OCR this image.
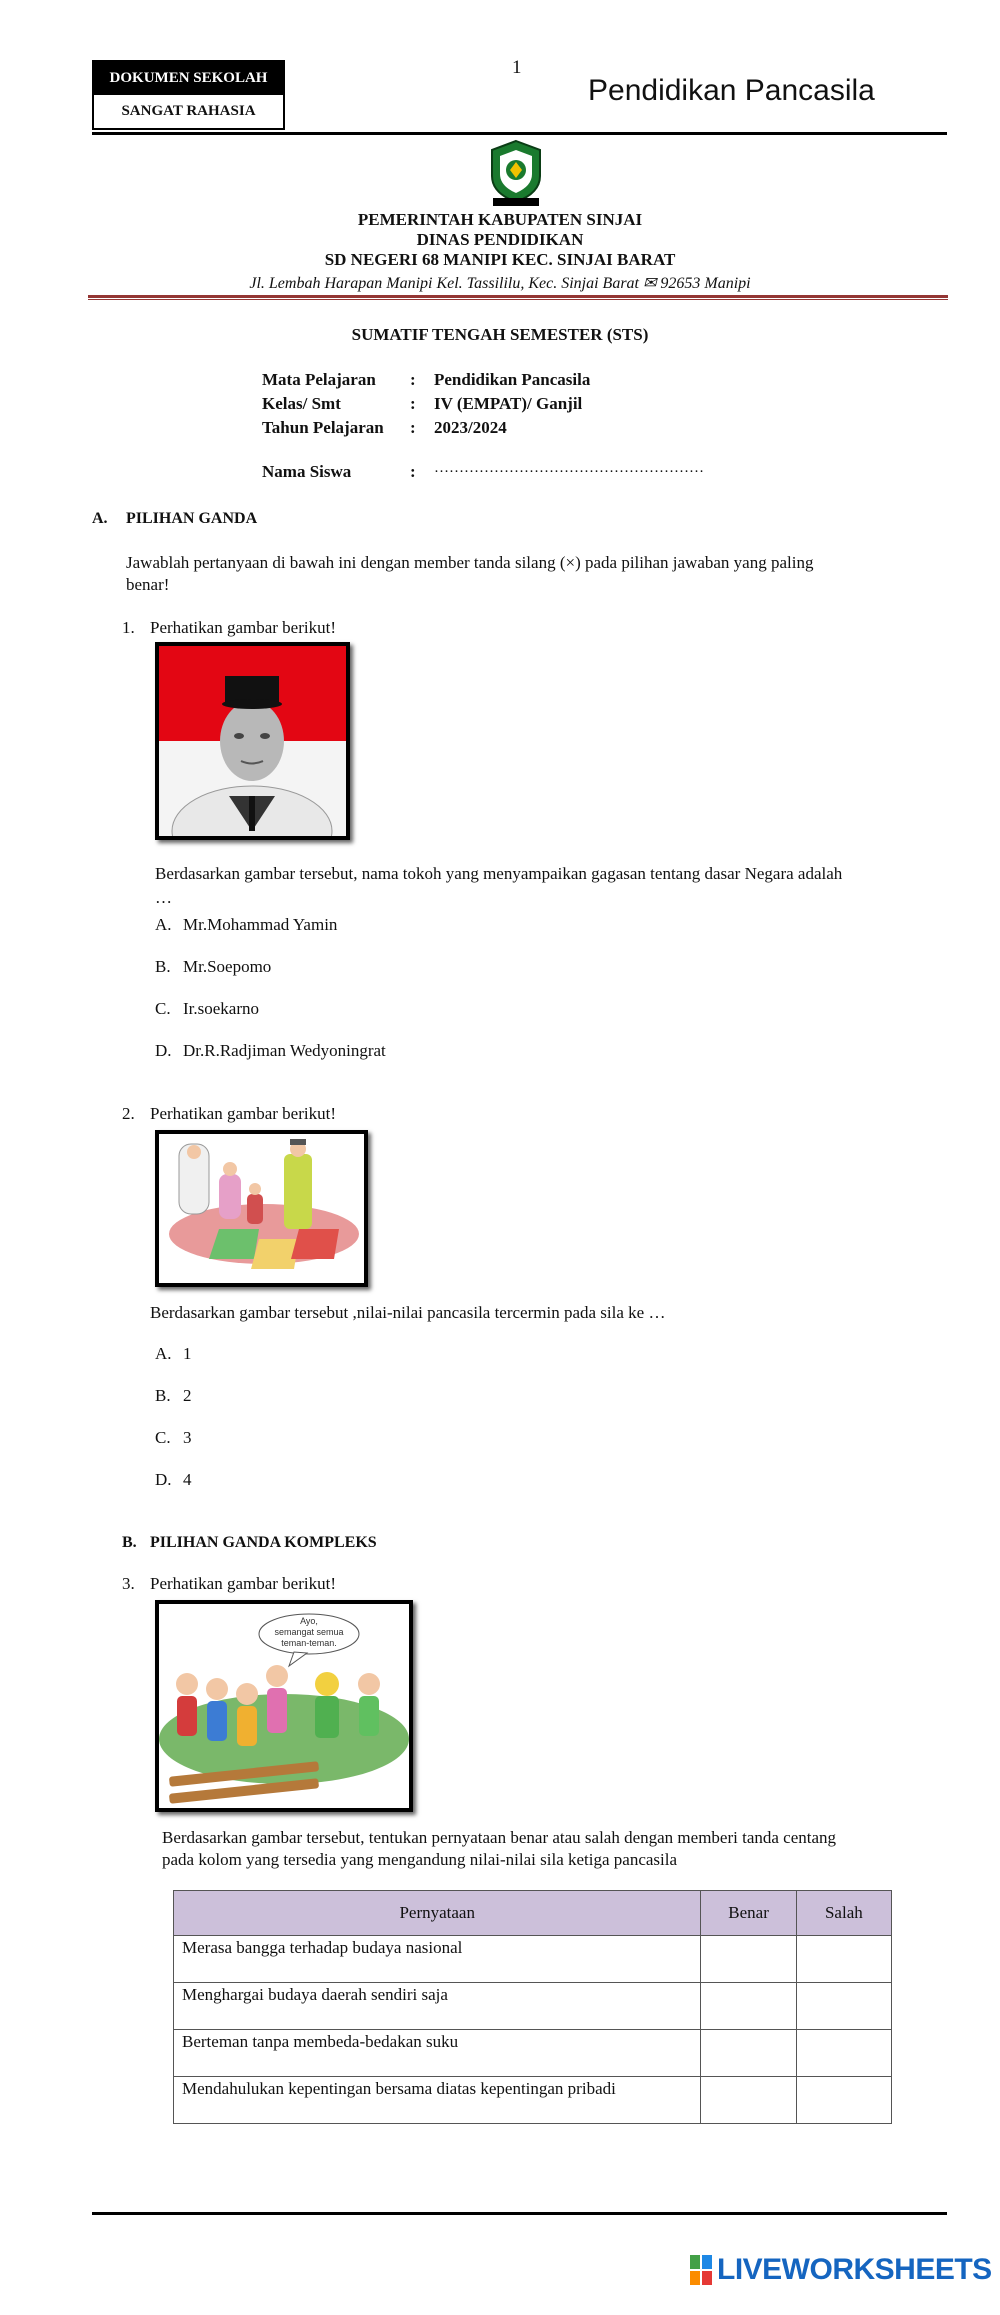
DOKUMEN SEKOLAH
SANGAT RAHASIA
1
Pendidikan Pancasila
PEMERINTAH KABUPATEN SINJAI
DINAS PENDIDIKAN
SD NEGERI 68 MANIPI KEC. SINJAI BARAT
Jl. Lembah Harapan Manipi Kel. Tassililu, Kec. Sinjai Barat ✉ 92653 Manipi
SUMATIF TENGAH SEMESTER (STS)
Mata Pelajaran : Pendidikan Pancasila
Kelas/ Smt	: IV (EMPAT)/ Ganjil
Tahun Pelajaran : 2023/2024
Nama Siswa	: ………………………………………………
A. PILIHAN GANDA
Jawablah pertanyaan di bawah ini dengan member tanda silang (×) pada pilihan jawaban yang paling
benar!
1. Perhatikan gambar berikut!
Berdasarkan gambar tersebut, nama tokoh yang menyampaikan gagasan tentang dasar Negara adalah
…
A. Mr.Mohammad Yamin
B. Mr.Soepomo
C. Ir.soekarno
D. Dr.R.Radjiman Wedyoningrat
2. Perhatikan gambar berikut!
Berdasarkan gambar tersebut ,nilai-nilai pancasila tercermin pada sila ke …
A. 1
B. 2
C. 3
D. 4
B. PILIHAN GANDA KOMPLEKS
3. Perhatikan gambar berikut!
Ayo,
semangat semua
teman-teman.
Berdasarkan gambar tersebut, tentukan pernyataan benar atau salah dengan memberi tanda centang
pada kolom yang tersedia yang mengandung nilai-nilai sila ketiga pancasila
Pernyataan	Benar	Salah
Merasa bangga terhadap budaya nasional		
Menghargai budaya daerah sendiri saja		
Berteman tanpa membeda-bedakan suku		
Mendahulukan kepentingan bersama diatas kepentingan pribadi		
LIVEWORKSHEETS
